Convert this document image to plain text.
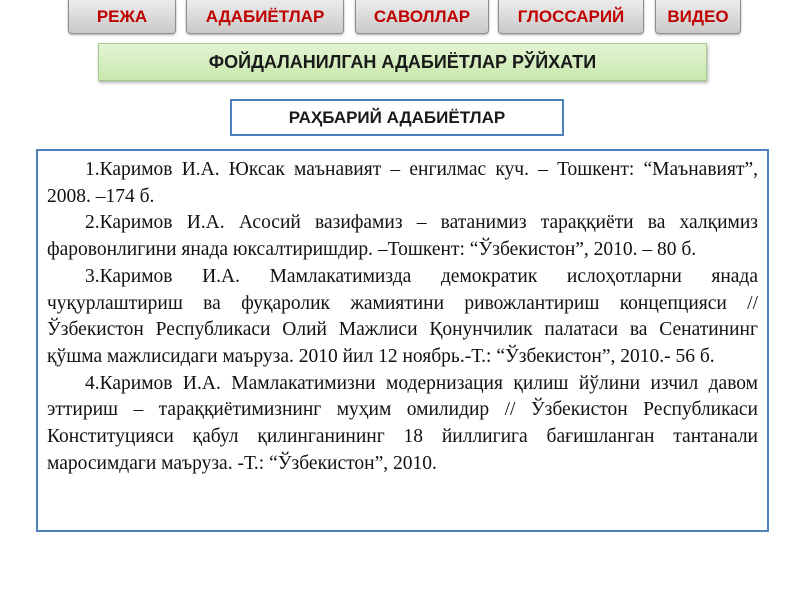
РЕЖА	АДАБИЁТЛАР	САВОЛЛАР	ГЛОССАРИЙ	ВИДЕО
ФОЙДАЛАНИЛГАН АДАБИЁТЛАР РЎЙХАТИ
РАҲБАРИЙ АДАБИЁТЛАР

1.Каримов И.А. Юксак маънавият – енгилмас куч. – Тошкент: “Маънавият”, 2008. –174 б.

2.Каримов И.А. Асосий вазифамиз – ватанимиз тараққиёти ва халқимиз фаровонлигини янада юксалтиришдир. –Тошкент: “Ўзбекистон”, 2010. – 80 б.

3.Каримов И.А. Мамлакатимизда демократик ислоҳотларни янада чуқурлаштириш ва фуқаролик жамиятини ривожлантириш концепцияси // Ўзбекистон Республикаси Олий Мажлиси Қонунчилик палатаси ва Сенатининг қўшма мажлисидаги маъруза. 2010 йил 12 ноябрь.-Т.: “Ўзбекистон”, 2010.- 56 б.

4.Каримов И.А. Мамлакатимизни модернизация қилиш йўлини изчил давом эттириш – тараққиётимизнинг муҳим омилидир // Ўзбекистон Республикаси Конституцияси қабул қилинганининг 18 йиллигига бағишланган тантанали маросимдаги маъруза. -Т.: “Ўзбекистон”, 2010.
